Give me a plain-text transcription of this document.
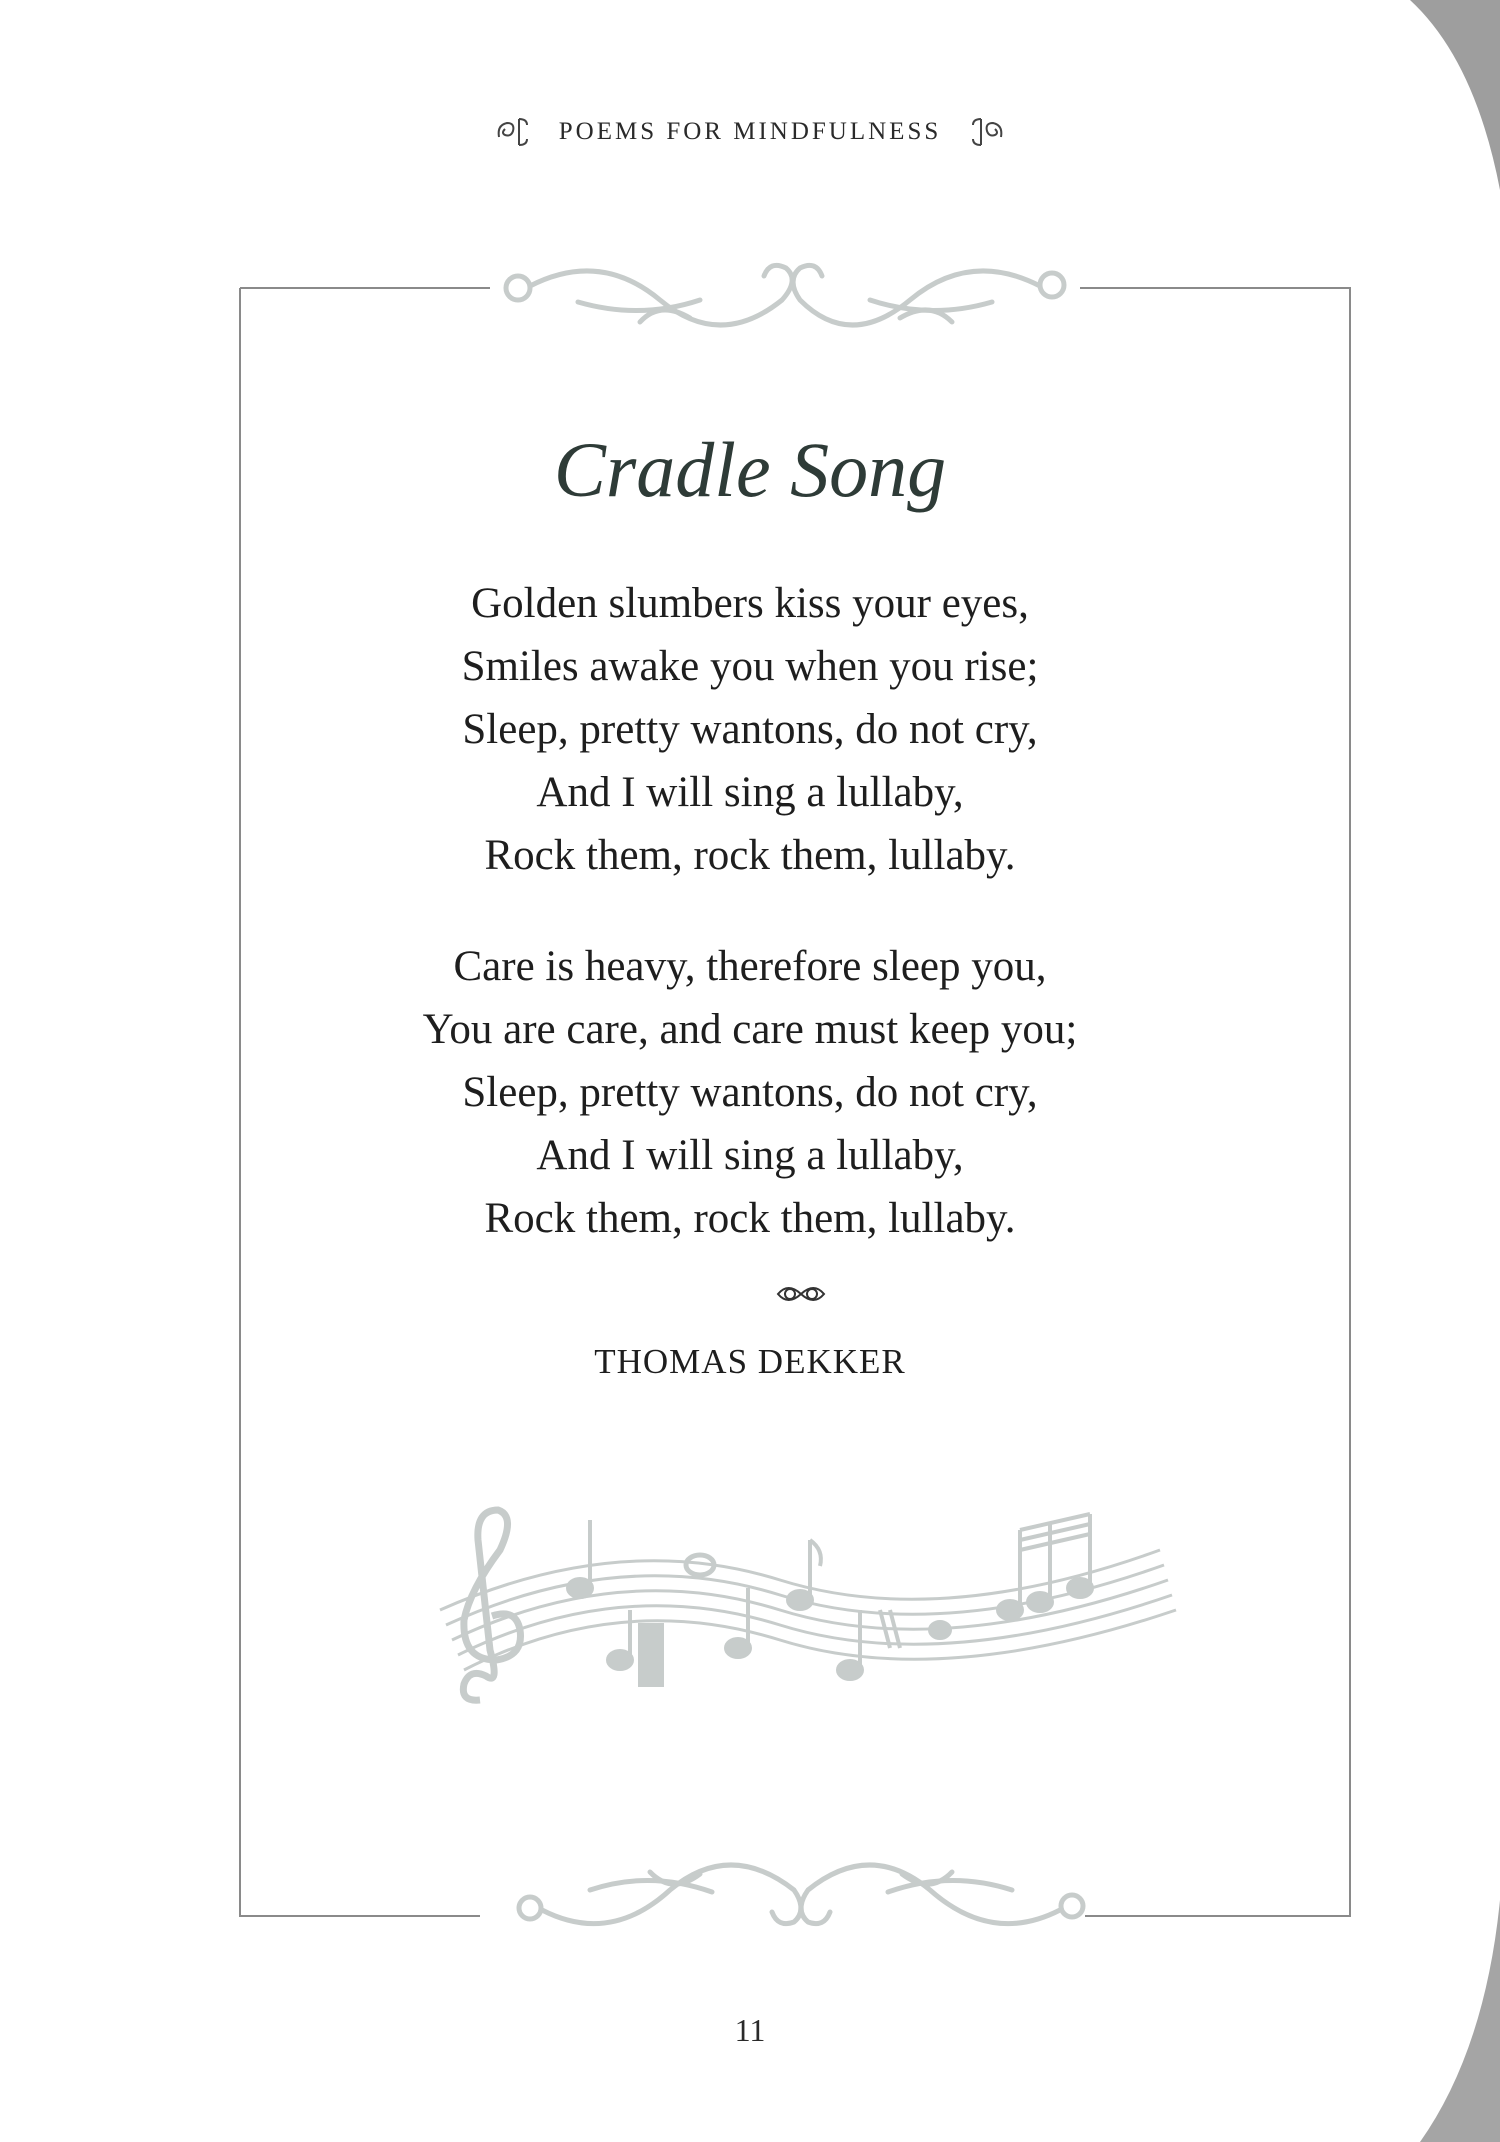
POEMS FOR MINDFULNESS
Cradle Song
Golden slumbers kiss your eyes,
Smiles awake you when you rise;
Sleep, pretty wantons, do not cry,
And I will sing a lullaby,
Rock them, rock them, lullaby.
Care is heavy, therefore sleep you,
You are care, and care must keep you;
Sleep, pretty wantons, do not cry,
And I will sing a lullaby,
Rock them, rock them, lullaby.
THOMAS DEKKER
11
